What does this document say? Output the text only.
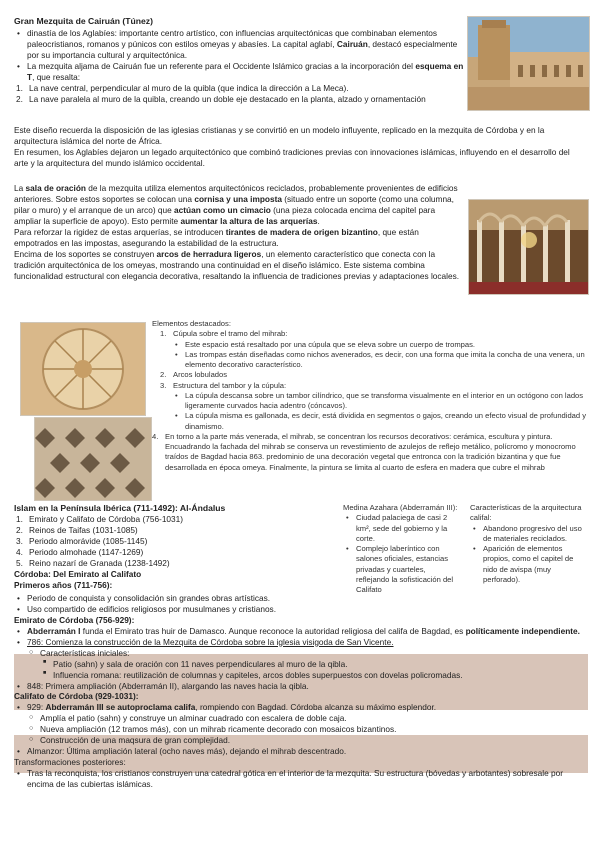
Gran Mezquita de Cairuán (Túnez)

• dinastía de los Aglabíes: importante centro artístico, con influencias arquitectónicas que combinaban elementos paleocristianos, romanos y púnicos con estilos omeyas y abasíes. La capital aglabí, Cairuán, destacó especialmente por su importancia cultural y arquitectónica.
• La mezquita aljama de Cairuán fue un referente para el Occidente Islámico gracias a la incorporación del esquema en T, que resalta:
1. La nave central, perpendicular al muro de la quibla (que indica la dirección a La Meca).
2. La nave paralela al muro de la quibla, creando un doble eje destacado en la planta, alzado y ornamentación

Este diseño recuerda la disposición de las iglesias cristianas y se convirtió en un modelo influyente, replicado en la mezquita de Córdoba y en la arquitectura islámica del norte de África.

En resumen, los Aglabíes dejaron un legado arquitectónico que combinó tradiciones previas con innovaciones islámicas, influyendo en el desarrollo del arte y la arquitectura del mundo islámico occidental.

La sala de oración de la mezquita utiliza elementos arquitectónicos reciclados, probablemente provenientes de edificios anteriores. Sobre estos soportes se colocan una cornisa y una imposta (situado entre un soporte (como una columna, pilar o muro) y el arranque de un arco) que actúan como un cimacio (una pieza colocada encima del capitel para ampliar la superficie de apoyo). Esto permite aumentar la altura de las arquerías.

Para reforzar la rigidez de estas arquerías, se introducen tirantes de madera de origen bizantino, que están empotrados en las impostas, asegurando la estabilidad de la estructura.

Encima de los soportes se construyen arcos de herradura ligeros, un elemento característico que conecta con la tradición arquitectónica de los omeyas, mostrando una continuidad en el diseño islámico. Este sistema combina funcionalidad estructural con elegancia decorativa, resaltando la influencia de tradiciones previas y adaptaciones locales.

Elementos destacados:

1. Cúpula sobre el tramo del mihrab:
• Este espacio está resaltado por una cúpula que se eleva sobre un cuerpo de trompas.
• Las trompas están diseñadas como nichos avenerados, es decir, con una forma que imita la concha de una venera, un elemento decorativo característico.
2. Arcos lobulados
3. Estructura del tambor y la cúpula:
• La cúpula descansa sobre un tambor cilíndrico, que se transforma visualmente en el interior en un octógono con lados ligeramente curvados hacia adentro (cóncavos).
• La cúpula misma es gallonada, es decir, está dividida en segmentos o gajos, creando un efecto visual de profundidad y dinamismo.
4. En torno a la parte más venerada, el mihrab, se concentran los recursos decorativos: cerámica, escultura y pintura. Encuadrando la fachada del mihrab se conserva un revestimiento de azulejos de reflejo metálico, polícromo y monocromo traídos de Bagdad hacia 863. predominio de una decoración vegetal que entronca con la tradición bizantina y que fue desarrollada en época omeya. Finalmente, la pintura se limita al cuarto de esfera en madera que cubre el mihrab

Islam en la Península Ibérica (711-1492): Al-Ándalus

1. Emirato y Califato de Córdoba (756-1031)
2. Reinos de Taifas (1031-1085)
3. Periodo almorávide (1085-1145)
4. Periodo almohade (1147-1269)
5. Reino nazarí de Granada (1238-1492)

Córdoba: Del Emirato al Califato

Primeros años (711-756):

Medina Azahara (Abderramán III):

• Ciudad palaciega de casi 2 km², sede del gobierno y la corte.
• Complejo laberíntico con salones oficiales, estancias privadas y cuarteles, reflejando la sofisticación del Califato

Características de la arquitectura califal:

• Abandono progresivo del uso de materiales reciclados.
• Aparición de elementos propios, como el capitel de nido de avispa (muy perforado).
• Periodo de conquista y consolidación sin grandes obras artísticas.
• Uso compartido de edificios religiosos por musulmanes y cristianos.

Emirato de Córdoba (756-929):

• Abderramán I funda el Emirato tras huir de Damasco. Aunque reconoce la autoridad religiosa del califa de Bagdad, es políticamente independiente.
• 786: Comienza la construcción de la Mezquita de Córdoba sobre la iglesia visigoda de San Vicente.
○ Características iniciales:
■ Patio (sahn) y sala de oración con 11 naves perpendiculares al muro de la qibla.
■ Influencia romana: reutilización de columnas y capiteles, arcos dobles superpuestos con dovelas policromadas.
• 848: Primera ampliación (Abderramán II), alargando las naves hacia la qibla.

Califato de Córdoba (929-1031):

• 929: Abderramán III se autoproclama califa, rompiendo con Bagdad. Córdoba alcanza su máximo esplendor.
○ Amplía el patio (sahn) y construye un alminar cuadrado con escalera de doble caja.
○ Nueva ampliación (12 tramos más), con un mihrab ricamente decorado con mosaicos bizantinos.
○ Construcción de una maqsura de gran complejidad.
• Almanzor: Última ampliación lateral (ocho naves más), dejando el mihrab descentrado.

Transformaciones posteriores:

• Tras la reconquista, los cristianos construyen una catedral gótica en el interior de la mezquita. Su estructura (bóvedas y arbotantes) sobresale por encima de las cubiertas islámicas.
